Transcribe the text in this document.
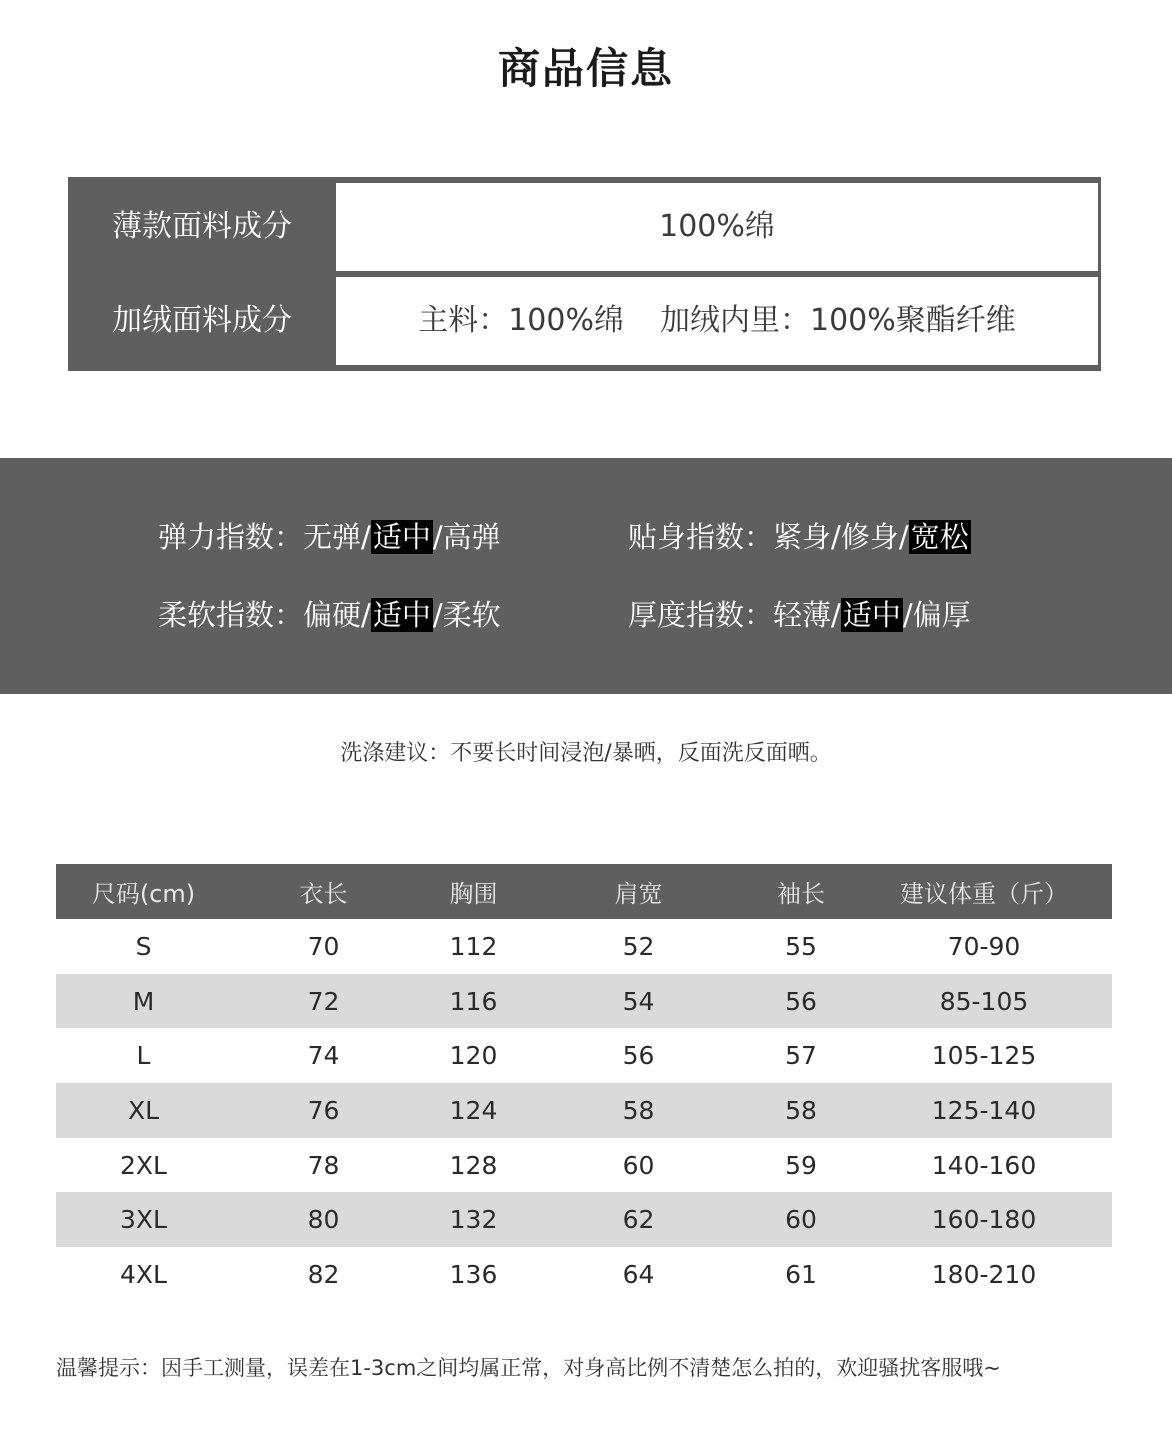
商品信息
薄款面料成分	100%绵
加绒面料成分	主料：100%绵 加绒内里：100%聚酯纤维
弹力指数：无弹/适中/高弹	贴身指数：紧身/修身/宽松
柔软指数：偏硬/适中/柔软	厚度指数：轻薄/适中/偏厚
洗涤建议：不要长时间浸泡/暴晒，反面洗反面晒。
尺码(cm)	衣长	胸围	肩宽	袖长	建议体重（斤）
S	70	112	52	55	70-90
M	72	116	54	56	85-105
L	74	120	56	57	105-125
XL	76	124	58	58	125-140
2XL	78	128	60	59	140-160
3XL	80	132	62	60	160-180
4XL	82	136	64	61	180-210
温馨提示：因手工测量，误差在1-3cm之间均属正常，对身高比例不清楚怎么拍的，欢迎骚扰客服哦~
